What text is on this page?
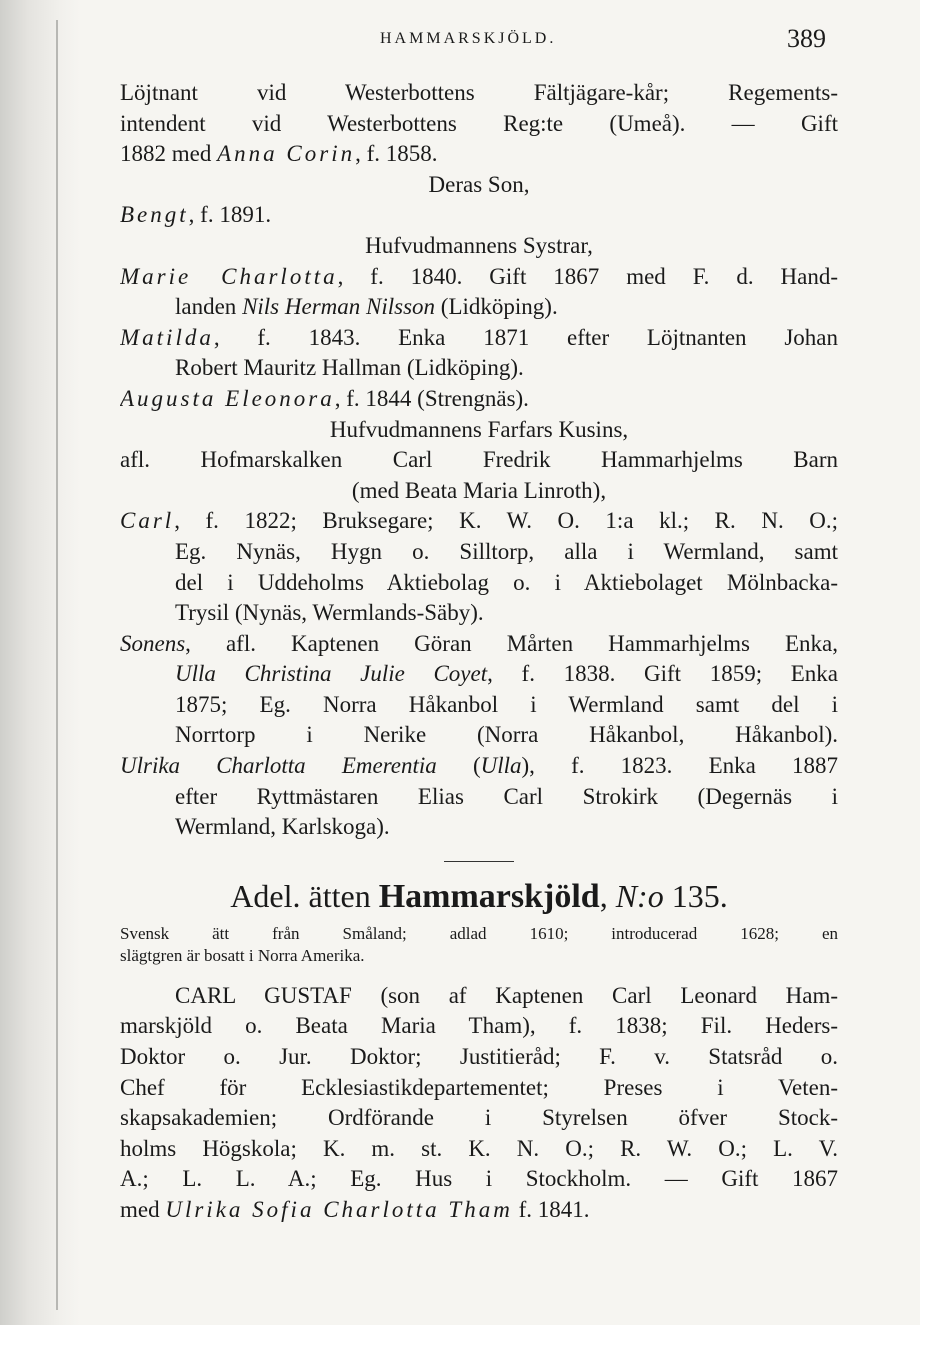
HAMMARSKJÖLD.	389
Löjtnant vid Westerbottens Fältjägare-kår; Regements-
intendent vid Westerbottens Reg:te (Umeå). — Gift
1882 med Anna Corin, f. 1858.
Deras Son,
Bengt, f. 1891.
Hufvudmannens Systrar,
Marie Charlotta, f. 1840. Gift 1867 med F. d. Hand-
landen Nils Herman Nilsson (Lidköping).
Matilda, f. 1843. Enka 1871 efter Löjtnanten Johan
Robert Mauritz Hallman (Lidköping).
Augusta Eleonora, f. 1844 (Strengnäs).
Hufvudmannens Farfars Kusins,
afl. Hofmarskalken Carl Fredrik Hammarhjelms Barn
(med Beata Maria Linroth),
Carl, f. 1822; Bruksegare; K. W. O. 1:a kl.; R. N. O.;
Eg. Nynäs, Hygn o. Silltorp, alla i Wermland, samt
del i Uddeholms Aktiebolag o. i Aktiebolaget Mölnbacka-
Trysil (Nynäs, Wermlands-Säby).
Sonens, afl. Kaptenen Göran Mårten Hammarhjelms Enka,
Ulla Christina Julie Coyet, f. 1838. Gift 1859; Enka
1875; Eg. Norra Håkanbol i Wermland samt del i
Norrtorp i Nerike (Norra Håkanbol, Håkanbol).
Ulrika Charlotta Emerentia (Ulla), f. 1823. Enka 1887
efter Ryttmästaren Elias Carl Strokirk (Degernäs i
Wermland, Karlskoga).
Adel. ätten Hammarskjöld, N:o 135.
Svensk ätt från Småland; adlad 1610; introducerad 1628; en
slägtgren är bosatt i Norra Amerika.
CARL GUSTAF (son af Kaptenen Carl Leonard Ham-
marskjöld o. Beata Maria Tham), f. 1838; Fil. Heders-
Doktor o. Jur. Doktor; Justitieråd; F. v. Statsråd o.
Chef för Ecklesiastikdepartementet; Preses i Veten-
skapsakademien; Ordförande i Styrelsen öfver Stock-
holms Högskola; K. m. st. K. N. O.; R. W. O.; L. V.
A.; L. L. A.; Eg. Hus i Stockholm. — Gift 1867
med Ulrika Sofia Charlotta Tham f. 1841.
